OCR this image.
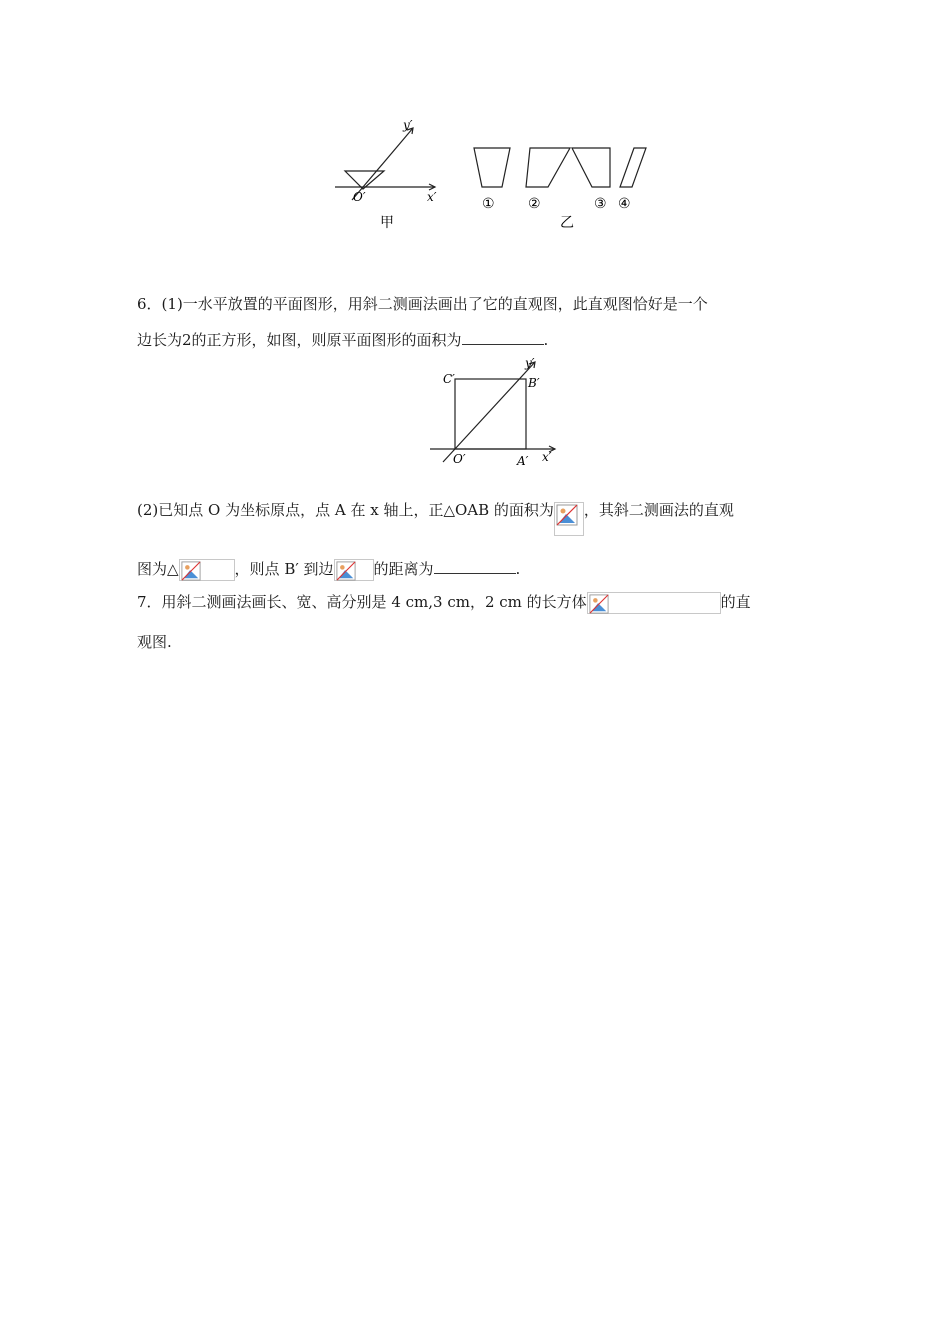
y′
x′
O′	① ②	③ ④
甲	乙
6．(1)一水平放置的平面图形，用斜二测画法画出了它的直观图，此直观图恰好是一个
边长为2的正方形，如图，则原平面图形的面积为	.
C′	B′
O′	A′ x′
y′
(2)已知点 O 为坐标原点，点 A 在 x 轴上，正△OAB 的面积为 ，其斜二测画法的直观
图为△	，则点 B′ 到边	的距离为	.
7．用斜二测画法画长、宽、高分别是 4 cm,3 cm，2 cm 的长方体	的直
观图.
